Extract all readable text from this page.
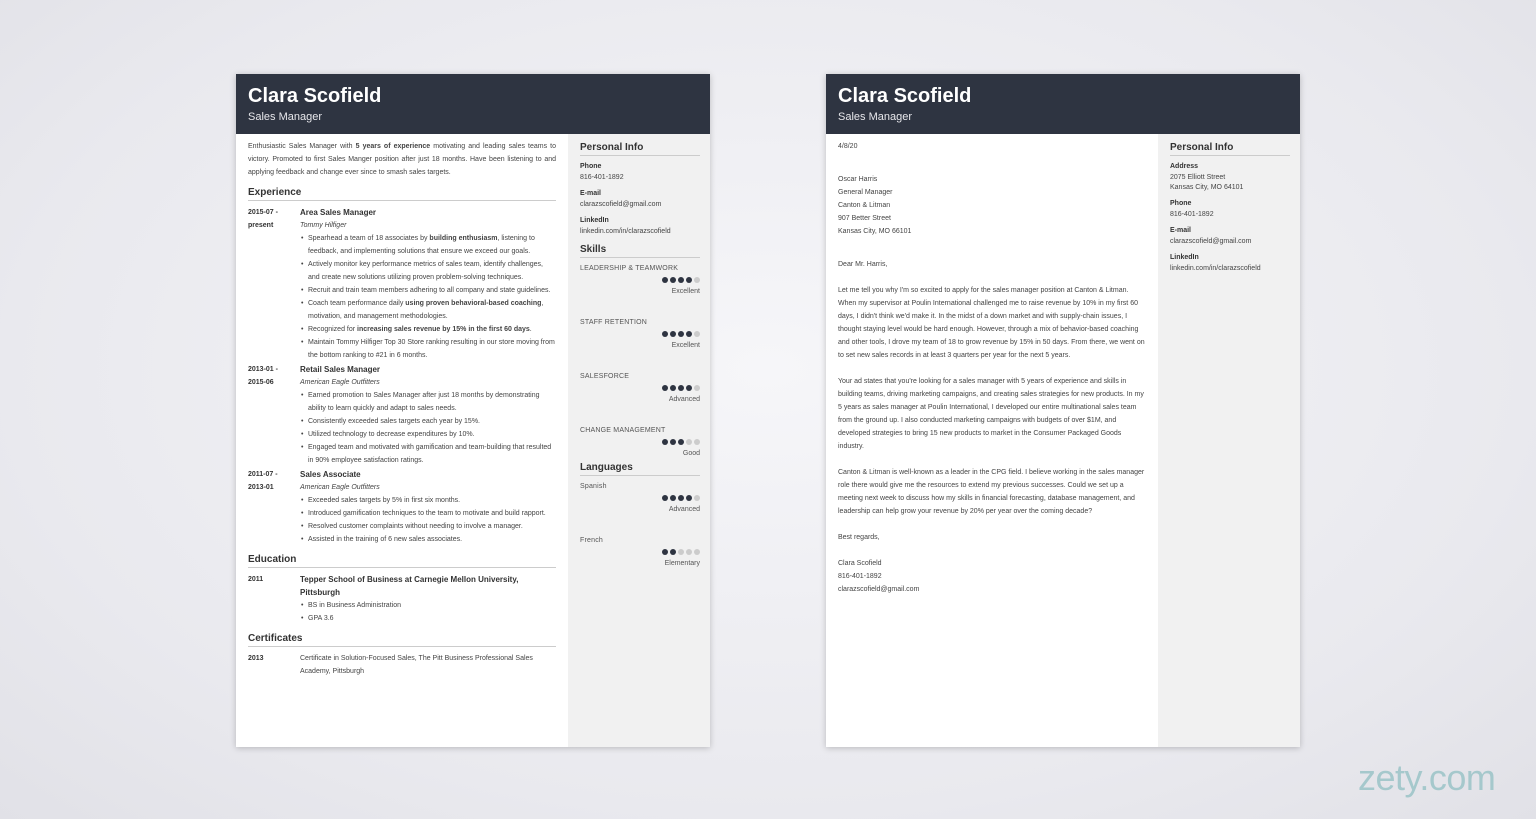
Clara Scofield
Sales Manager
Enthusiastic Sales Manager with 5 years of experience motivating and leading sales teams to victory. Promoted to first Sales Manger position after just 18 months. Have been listening to and applying feedback and change ever since to smash sales targets.
Experience
2015-07 -
present
Area Sales Manager
Tommy Hilfiger
• Spearhead a team of 18 associates by building enthusiasm, listening to feedback, and implementing solutions that ensure we exceed our goals.
• Actively monitor key performance metrics of sales team, identify challenges, and create new solutions utilizing proven problem-solving techniques.
• Recruit and train team members adhering to all company and state guidelines.
• Coach team performance daily using proven behavioral-based coaching, motivation, and management methodologies.
• Recognized for increasing sales revenue by 15% in the first 60 days.
• Maintain Tommy Hilfiger Top 30 Store ranking resulting in our store moving from the bottom ranking to #21 in 6 months.
2013-01 -
2015-06
Retail Sales Manager
American Eagle Outfitters
• Earned promotion to Sales Manager after just 18 months by demonstrating ability to learn quickly and adapt to sales needs.
• Consistently exceeded sales targets each year by 15%.
• Utilized technology to decrease expenditures by 10%.
• Engaged team and motivated with gamification and team-building that resulted in 90% employee satisfaction ratings.
2011-07 -
2013-01
Sales Associate
American Eagle Outfitters
• Exceeded sales targets by 5% in first six months.
• Introduced gamification techniques to the team to motivate and build rapport.
• Resolved customer complaints without needing to involve a manager.
• Assisted in the training of 6 new sales associates.
Education
2011	Tepper School of Business at Carnegie Mellon University, Pittsburgh
• BS in Business Administration
• GPA 3.6
Certificates
2013	Certificate in Solution-Focused Sales, The Pitt Business Professional Sales Academy, Pittsburgh
Personal Info
Phone
816-401-1892
E-mail
clarazscofield@gmail.com
LinkedIn
linkedin.com/in/clarazscofield
Skills
LEADERSHIP & TEAMWORK
Excellent
STAFF RETENTION
Excellent
SALESFORCE
Advanced
CHANGE MANAGEMENT
Good
Languages
Spanish
Advanced
French
Elementary
Clara Scofield
Sales Manager

4/8/20

Oscar Harris

General Manager

Canton & Litman

907 Better Street

Kansas City, MO 66101

Dear Mr. Harris,

Let me tell you why I'm so excited to apply for the sales manager position at Canton & Litman. When my supervisor at Poulin International challenged me to raise revenue by 10% in my first 60 days, I didn't think we'd make it. In the midst of a down market and with supply-chain issues, I thought staying level would be hard enough. However, through a mix of behavior-based coaching and other tools, I drove my team of 18 to grow revenue by 15% in 50 days. From there, we went on to set new sales records in at least 3 quarters per year for the next 5 years.

Your ad states that you're looking for a sales manager with 5 years of experience and skills in building teams, driving marketing campaigns, and creating sales strategies for new products. In my 5 years as sales manager at Poulin International, I developed our entire multinational sales team from the ground up. I also conducted marketing campaigns with budgets of over $1M, and developed strategies to bring 15 new products to market in the Consumer Packaged Goods industry.

Canton & Litman is well-known as a leader in the CPG field. I believe working in the sales manager role there would give me the resources to extend my previous successes. Could we set up a meeting next week to discuss how my skills in financial forecasting, database management, and leadership can help grow your revenue by 20% per year over the coming decade?

Best regards,

Clara Scofield

816-401-1892

clarazscofield@gmail.com

Personal Info
Address
2075 Elliott Street
Kansas City, MO 64101
Phone
816-401-1892
E-mail
clarazscofield@gmail.com
LinkedIn
linkedin.com/in/clarazscofield
zety.com
